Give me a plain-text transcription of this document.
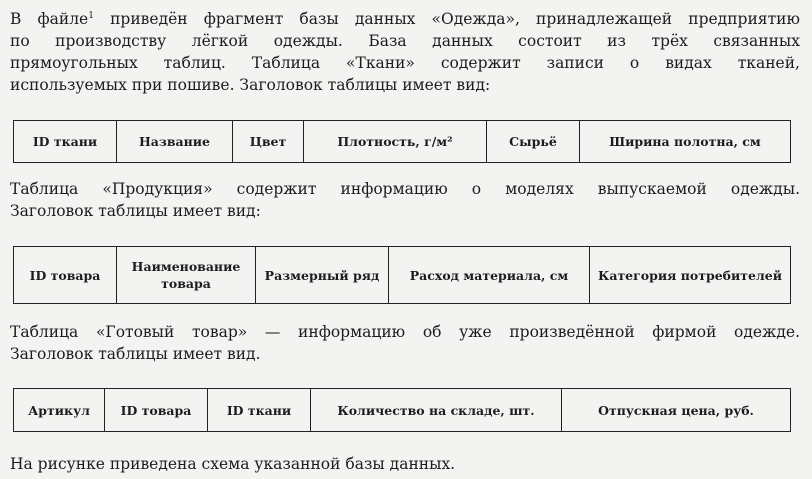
В файле$^1$ приведён фрагмент базы данных «Одежда», принадлежащей предприятию
по производству лёгкой одежды. База данных состоит из трёх связанных
прямоугольных таблиц. Таблица «Ткани» содержит записи о видах тканей,
используемых при пошиве. Заголовок таблицы имеет вид:
ID ткани	Название	Цвет	Плотность, г/м²	Сырьё	Ширина полотна, см
Таблица «Продукция» содержит информацию о моделях выпускаемой одежды.
Заголовок таблицы имеет вид:
ID товара	Наименование товара	Размерный ряд	Расход материала, см	Категория потребителей
Таблица «Готовый товар» — информацию об уже произведённой фирмой одежде.
Заголовок таблицы имеет вид.
Артикул	ID товара	ID ткани	Количество на складе, шт.	Отпускная цена, руб.
На рисунке приведена схема указанной базы данных.
